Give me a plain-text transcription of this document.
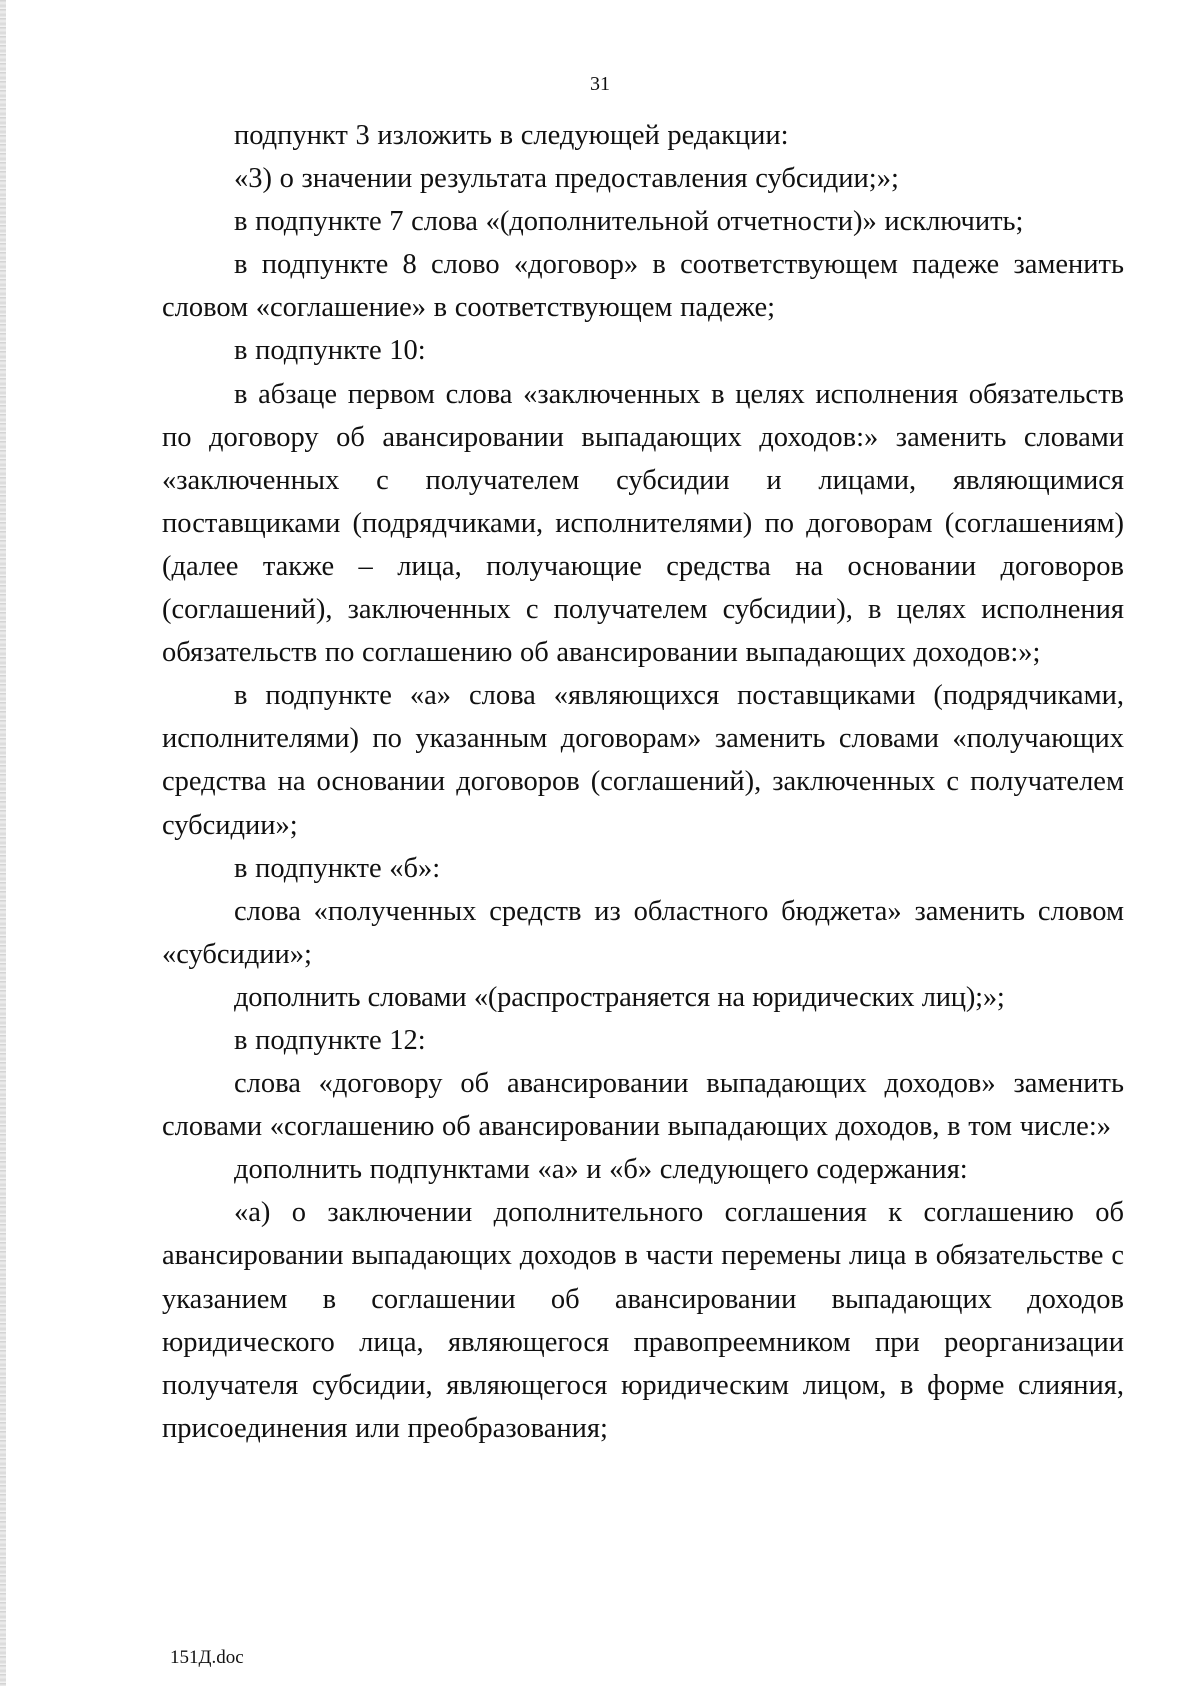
31

подпункт 3 изложить в следующей редакции:

«3) о значении результата предоставления субсидии;»;

в подпункте 7 слова «(дополнительной отчетности)» исключить;

в подпункте 8 слово «договор» в соответствующем падеже заменить словом «соглашение» в соответствующем падеже;

в подпункте 10:

в абзаце первом слова «заключенных в целях исполнения обязательств по договору об авансировании выпадающих доходов:» заменить словами «заключенных с получателем субсидии и лицами, являющимися поставщиками (подрядчиками, исполнителями) по договорам (соглашениям) (далее также – лица, получающие средства на основании договоров (соглашений), заключенных с получателем субсидии), в целях исполнения обязательств по соглашению об авансировании выпадающих доходов:»;

в подпункте «а» слова «являющихся поставщиками (подрядчиками, исполнителями) по указанным договорам» заменить словами «получающих средства на основании договоров (соглашений), заключенных с получателем субсидии»;

в подпункте «б»:

слова «полученных средств из областного бюджета» заменить словом «субсидии»;

дополнить словами «(распространяется на юридических лиц);»;

в подпункте 12:

слова «договору об авансировании выпадающих доходов» заменить словами «соглашению об авансировании выпадающих доходов, в том числе:»

дополнить подпунктами «а» и «б» следующего содержания:

«а) о заключении дополнительного соглашения к соглашению об авансировании выпадающих доходов в части перемены лица в обязательстве с указанием в соглашении об авансировании выпадающих доходов юридического лица, являющегося правопреемником при реорганизации получателя субсидии, являющегося юридическим лицом, в форме слияния, присоединения или преобразования;

151Д.doc
